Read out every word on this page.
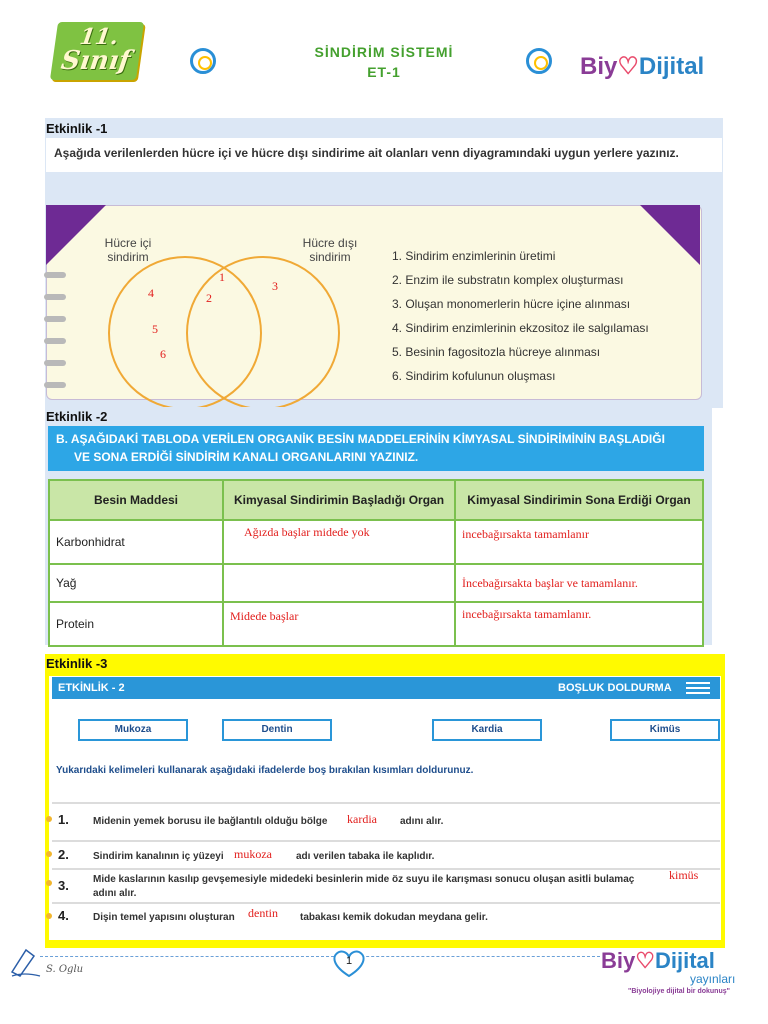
11.
Sınıf	SİNDİRİM SİSTEMİ
ET-1	Biy♡Dijital
Etkinlik -1
Aşağıda verilenlerden hücre içi ve hücre dışı sindirime ait olanları venn diyagramındaki uygun yerlere yazınız.
Hücre içi
sindirim
Hücre dışı
sindirim
1
2
3
4
5
6
1. Sindirim enzimlerinin üretimi
2. Enzim ile substratın komplex oluşturması
3. Oluşan monomerlerin hücre içine alınması
4. Sindirim enzimlerinin ekzositoz ile salgılaması
5. Besinin fagositozla hücreye alınması
6. Sindirim kofulunun oluşması
Etkinlik -2
B. AŞAĞIDAKİ TABLODA VERİLEN ORGANİK BESİN MADDELERİNİN KİMYASAL SİNDİRİMİNİN BAŞLADIĞI
VE SONA ERDİĞİ SİNDİRİM KANALI ORGANLARINI YAZINIZ.
Besin Maddesi	Kimyasal Sindirimin Başladığı Organ	Kimyasal Sindirimin Sona Erdiği Organ
Karbonhidrat	Ağızda başlar midede yok	incebağırsakta tamamlanır
Yağ		İncebağırsakta başlar ve tamamlanır.
Protein	Midede başlar	incebağırsakta tamamlanır.
Etkinlik -3
ETKİNLİK - 2	BOŞLUK DOLDURMA
Mukoza	Dentin	Kardia	Kimüs
Yukarıdaki kelimeleri kullanarak aşağıdaki ifadelerde boş bırakılan kısımları doldurunuz.
1. Midenin yemek borusu ile bağlantılı olduğu bölge kardia adını alır.
2. Sindirim kanalının iç yüzeyi mukoza adı verilen tabaka ile kaplıdır.
3. Mide kaslarının kasılıp gevşemesiyle midedeki besinlerin mide öz suyu ile karışması sonucu oluşan asitli bulamaç	kimüs
adını alır.
4. Dişin temel yapısını oluşturan dentin tabakası kemik dokudan meydana gelir.
S. Oglu
1	Biy♡Dijital
yayınları
"Biyolojiye dijital bir dokunuş"
